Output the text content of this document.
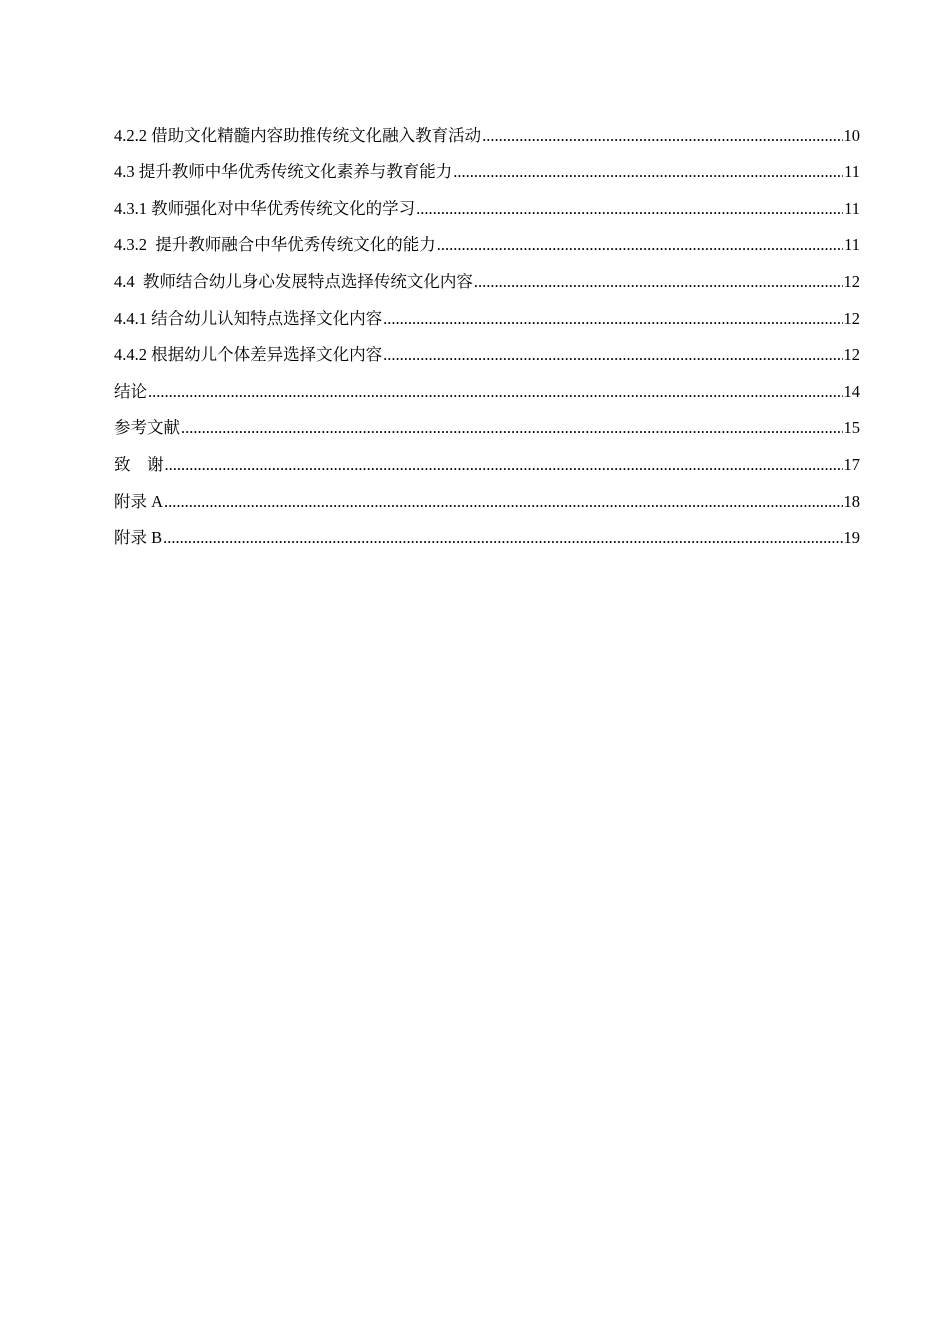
4.2.2 借助文化精髓内容助推传统文化融入教育活动 .....	10
4.3 提升教师中华优秀传统文化素养与教育能力 .....	11
4.3.1 教师强化对中华优秀传统文化的学习 .....	11
4.3.2  提升教师融合中华优秀传统文化的能力 .....	11
4.4  教师结合幼儿身心发展特点选择传统文化内容 .....	12
4.4.1 结合幼儿认知特点选择文化内容 .....	12
4.4.2 根据幼儿个体差异选择文化内容 .....	12
结论 .....	14
参考文献 .....	15
致　谢 .....	17
附录 A .....	18
附录 B .....	19
